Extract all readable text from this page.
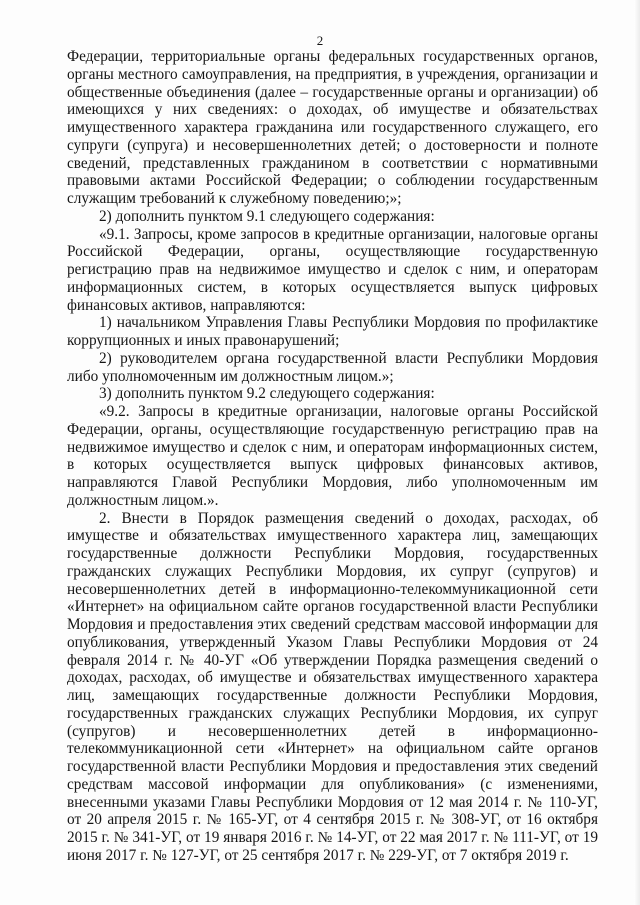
2

Федерации, территориальные органы федеральных государственных органов, органы местного самоуправления, на предприятия, в учреждения, организации и общественные объединения (далее – государственные органы и организации) об имеющихся у них сведениях: о доходах, об имуществе и обязательствах имущественного характера гражданина или государственного служащего, его супруги (супруга) и несовершеннолетних детей; о достоверности и полноте сведений, представленных гражданином в соответствии с нормативными правовыми актами Российской Федерации; о соблюдении государственным служащим требований к служебному поведению;»;

2) дополнить пунктом 9.1 следующего содержания:

«9.1. Запросы, кроме запросов в кредитные организации, налоговые органы Российской Федерации, органы, осуществляющие государственную регистрацию прав на недвижимое имущество и сделок с ним, и операторам информационных систем, в которых осуществляется выпуск цифровых финансовых активов, направляются:

1) начальником Управления Главы Республики Мордовия по профилактике коррупционных и иных правонарушений;

2) руководителем органа государственной власти Республики Мордовия либо уполномоченным им должностным лицом.»;

3) дополнить пунктом 9.2 следующего содержания:

«9.2. Запросы в кредитные организации, налоговые органы Российской Федерации, органы, осуществляющие государственную регистрацию прав на недвижимое имущество и сделок с ним, и операторам информационных систем, в которых осуществляется выпуск цифровых финансовых активов, направляются Главой Республики Мордовия, либо уполномоченным им должностным лицом.».

2. Внести в Порядок размещения сведений о доходах, расходах, об имуществе и обязательствах имущественного характера лиц, замещающих государственные должности Республики Мордовия, государственных гражданских служащих Республики Мордовия, их супруг (супругов) и несовершеннолетних детей в информационно-телекоммуникационной сети «Интернет» на официальном сайте органов государственной власти Республики Мордовия и предоставления этих сведений средствам массовой информации для опубликования, утвержденный Указом Главы Республики Мордовия от 24 февраля 2014 г. № 40-УГ «Об утверждении Порядка размещения сведений о доходах, расходах, об имуществе и обязательствах имущественного характера лиц, замещающих государственные должности Республики Мордовия, государственных гражданских служащих Республики Мордовия, их супруг (супругов) и несовершеннолетних детей в информационно-телекоммуникационной сети «Интернет» на официальном сайте органов государственной власти Республики Мордовия и предоставления этих сведений средствам массовой информации для опубликования» (с изменениями, внесенными указами Главы Республики Мордовия от 12 мая 2014 г. № 110-УГ, от 20 апреля 2015 г. № 165-УГ, от 4 сентября 2015 г. № 308-УГ, от 16 октября 2015 г. № 341-УГ, от 19 января 2016 г. № 14-УГ, от 22 мая 2017 г. № 111-УГ, от 19 июня 2017 г. № 127-УГ, от 25 сентября 2017 г. № 229-УГ, от 7 октября 2019 г.
